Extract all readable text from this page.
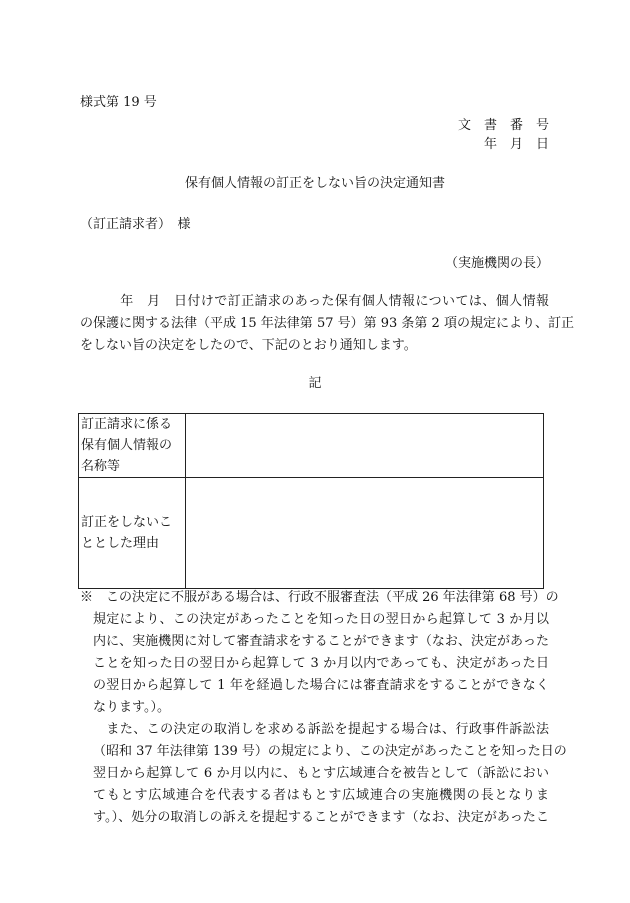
様式第 19 号
文　書　番　号
年　月　日
保有個人情報の訂正をしない旨の決定通知書
（訂正請求者）　様
（実施機関の長）
　　　年　月　日付けで訂正請求のあった保有個人情報については、個人情報
の保護に関する法律（平成 15 年法律第 57 号）第 93 条第 2 項の規定により、訂正
をしない旨の決定をしたので、下記のとおり通知します。
記
訂正請求に係る
保有個人情報の
名称等	

訂正をしないこ
ととした理由	

※　この決定に不服がある場合は、行政不服審査法（平成 26 年法律第 68 号）の
規定により、この決定があったことを知った日の翌日から起算して 3 か月以
内に、実施機関に対して審査請求をすることができます（なお、決定があった
ことを知った日の翌日から起算して 3 か月以内であっても、決定があった日
の翌日から起算して 1 年を経過した場合には審査請求をすることができなく
なります。）。
　また、この決定の取消しを求める訴訟を提起する場合は、行政事件訴訟法
（昭和 37 年法律第 139 号）の規定により、この決定があったことを知った日の
翌日から起算して 6 か月以内に、もとす広域連合を被告として（訴訟におい
てもとす広域連合を代表する者はもとす広域連合の実施機関の長となりま
す。）、処分の取消しの訴えを提起することができます（なお、決定があったこ
